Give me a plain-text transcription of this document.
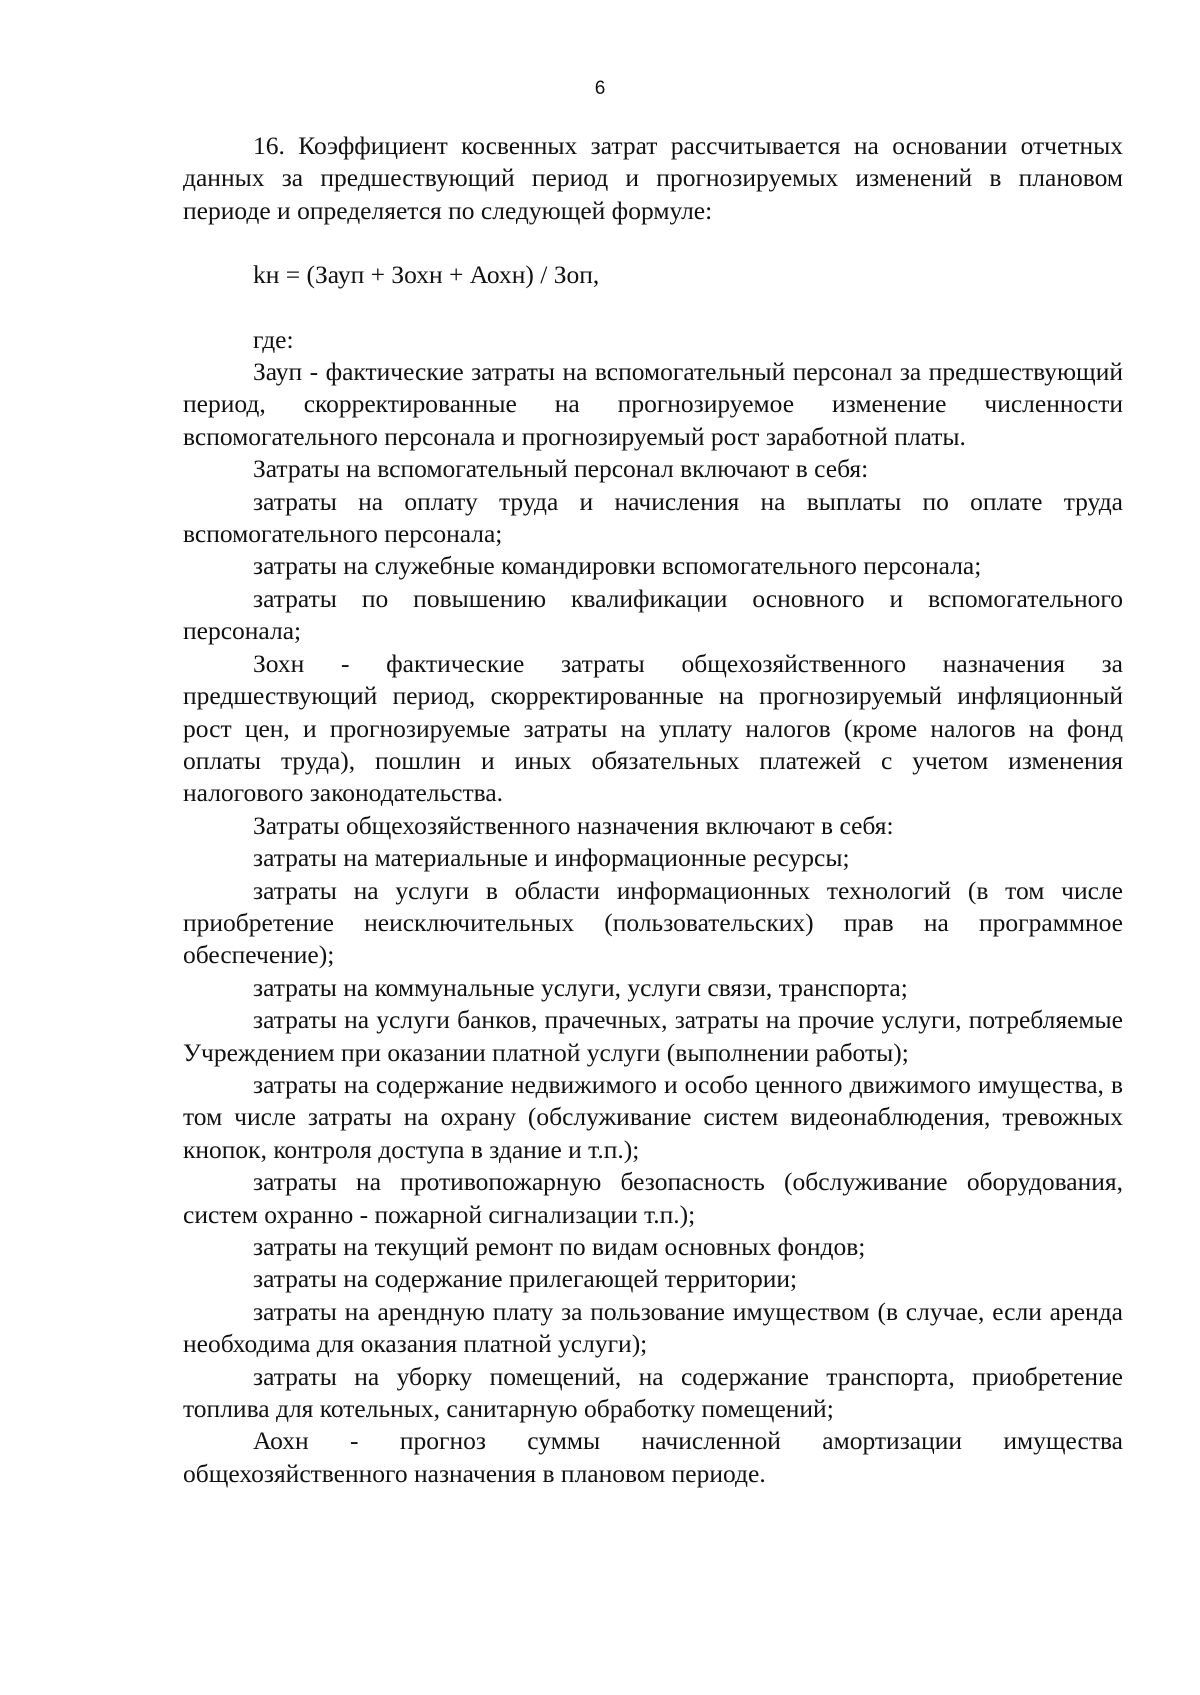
6

16. Коэффициент косвенных затрат рассчитывается на основании отчетных данных за предшествующий период и прогнозируемых изменений в плановом периоде и определяется по следующей формуле:

kн = (Зауп + Зохн + Аохн) / Зоп,

где:

Зауп - фактические затраты на вспомогательный персонал за предшествующий период, скорректированные на прогнозируемое изменение численности вспомогательного персонала и прогнозируемый рост заработной платы.

Затраты на вспомогательный персонал включают в себя:

затраты на оплату труда и начисления на выплаты по оплате труда вспомогательного персонала;

затраты на служебные командировки вспомогательного персонала;

затраты по повышению квалификации основного и вспомогательного персонала;

Зохн - фактические затраты общехозяйственного назначения за предшествующий период, скорректированные на прогнозируемый инфляционный рост цен, и прогнозируемые затраты на уплату налогов (кроме налогов на фонд оплаты труда), пошлин и иных обязательных платежей с учетом изменения налогового законодательства.

Затраты общехозяйственного назначения включают в себя:

затраты на материальные и информационные ресурсы;

затраты на услуги в области информационных технологий (в том числе приобретение неисключительных (пользовательских) прав на программное обеспечение);

затраты на коммунальные услуги, услуги связи, транспорта;

затраты на услуги банков, прачечных, затраты на прочие услуги, потребляемые Учреждением при оказании платной услуги (выполнении работы);

затраты на содержание недвижимого и особо ценного движимого имущества, в том числе затраты на охрану (обслуживание систем видеонаблюдения, тревожных кнопок, контроля доступа в здание и т.п.);

затраты на противопожарную безопасность (обслуживание оборудования, систем охранно - пожарной сигнализации т.п.);

затраты на текущий ремонт по видам основных фондов;

затраты на содержание прилегающей территории;

затраты на арендную плату за пользование имуществом (в случае, если аренда необходима для оказания платной услуги);

затраты на уборку помещений, на содержание транспорта, приобретение топлива для котельных, санитарную обработку помещений;

Аохн - прогноз суммы начисленной амортизации имущества общехозяйственного назначения в плановом периоде.
